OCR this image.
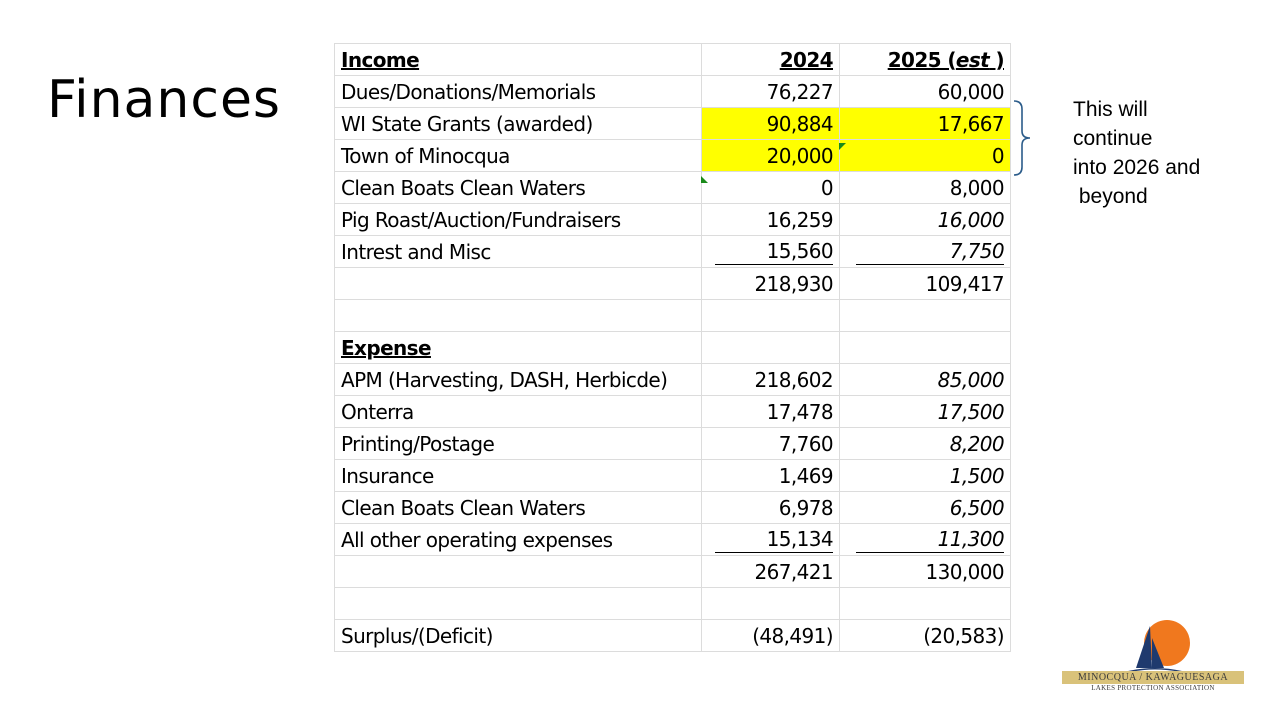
Finances
Income	2024	2025 (est )
Dues/Donations/Memorials	76,227	60,000
WI State Grants (awarded)	90,884	17,667
Town of Minocqua	20,000	0
Clean Boats Clean Waters	0	8,000
Pig Roast/Auction/Fundraisers	16,259	16,000
Intrest and Misc	15,560	7,750
	218,930	109,417

Expense		
APM (Harvesting, DASH, Herbicde)	218,602	85,000
Onterra	17,478	17,500
Printing/Postage	7,760	8,200
Insurance	1,469	1,500
Clean Boats Clean Waters	6,978	6,500
All other operating expenses	15,134	11,300
	267,421	130,000

Surplus/(Deficit)	(48,491)	(20,583)
This will
continue
into 2026 and
beyond
MINOCQUA / KAWAGUESAGA
LAKES PROTECTION ASSOCIATION
